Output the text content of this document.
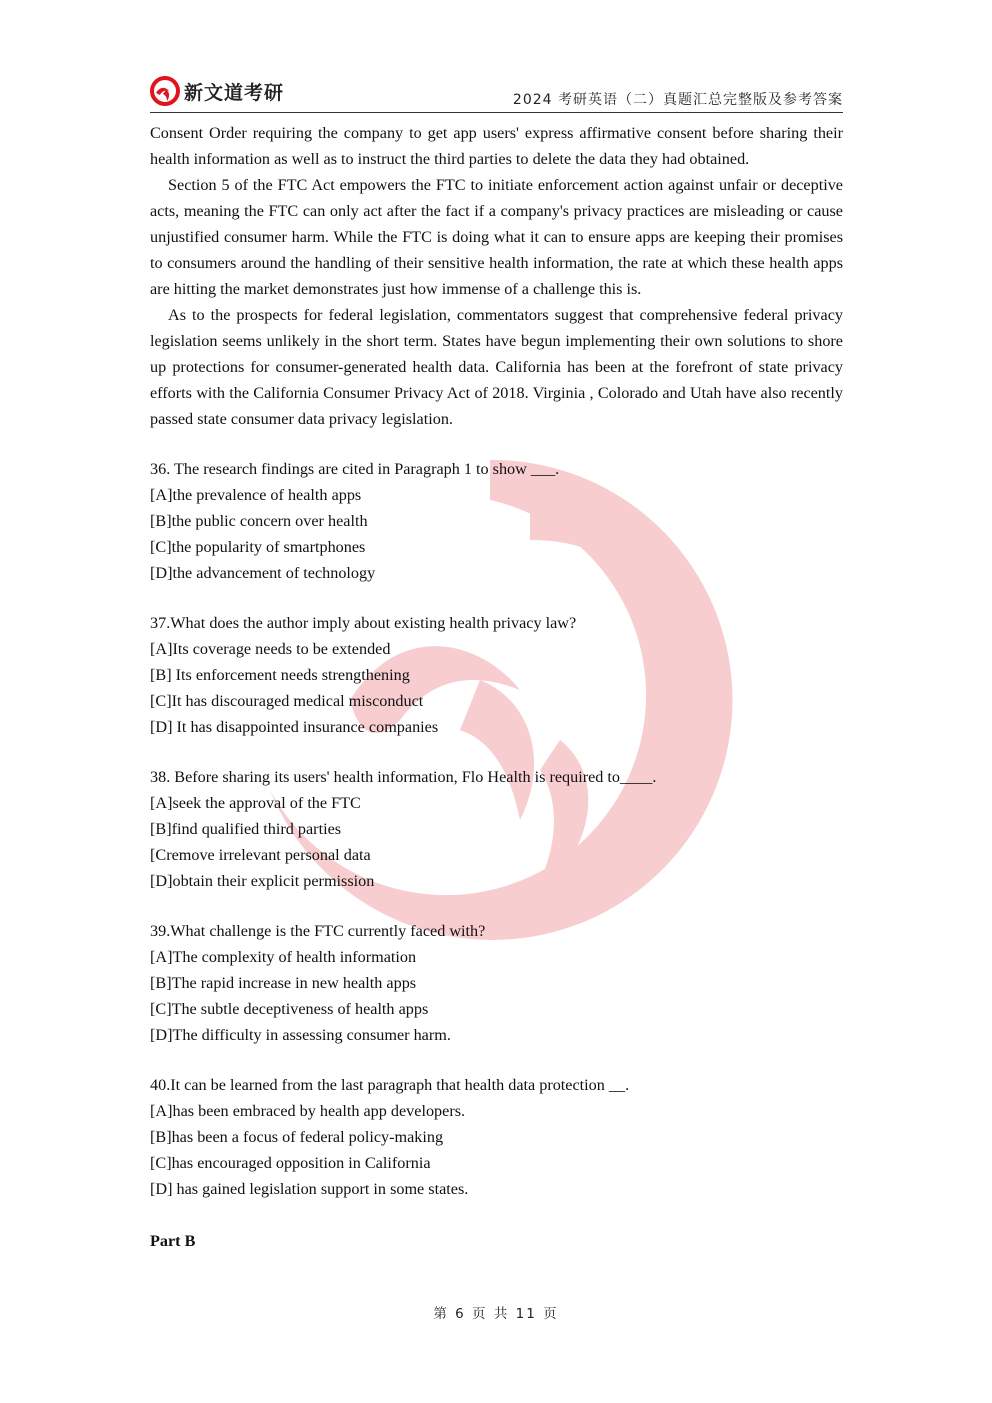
新文道考研	2024 考研英语（二）真题汇总完整版及参考答案

Consent Order requiring the company to get app users' express affirmative consent before sharing their health information as well as to instruct the third parties to delete the data they had obtained.

Section 5 of the FTC Act empowers the FTC to initiate enforcement action against unfair or deceptive acts, meaning the FTC can only act after the fact if a company's privacy practices are misleading or cause unjustified consumer harm. While the FTC is doing what it can to ensure apps are keeping their promises to consumers around the handling of their sensitive health information, the rate at which these health apps are hitting the market demonstrates just how immense of a challenge this is.

As to the prospects for federal legislation, commentators suggest that comprehensive federal privacy legislation seems unlikely in the short term. States have begun implementing their own solutions to shore up protections for consumer-generated health data. California has been at the forefront of state privacy efforts with the California Consumer Privacy Act of 2018. Virginia , Colorado and Utah have also recently passed state consumer data privacy legislation.

36. The research findings are cited in Paragraph 1 to show ___.

[A]the prevalence of health apps

[B]the public concern over health

[C]the popularity of smartphones

[D]the advancement of technology

37.What does the author imply about existing health privacy law?

[A]Its coverage needs to be extended

[B] Its enforcement needs strengthening

[C]It has discouraged medical misconduct

[D] It has disappointed insurance companies

38. Before sharing its users' health information, Flo Health is required to____.

[A]seek the approval of the FTC

[B]find qualified third parties

[Cremove irrelevant personal data

[D]obtain their explicit permission

39.What challenge is the FTC currently faced with?

[A]The complexity of health information

[B]The rapid increase in new health apps

[C]The subtle deceptiveness of health apps

[D]The difficulty in assessing consumer harm.

40.It can be learned from the last paragraph that health data protection __.

[A]has been embraced by health app developers.

[B]has been a focus of federal policy-making

[C]has encouraged opposition in California

[D] has gained legislation support in some states.

Part B

第 6 页 共 11 页
